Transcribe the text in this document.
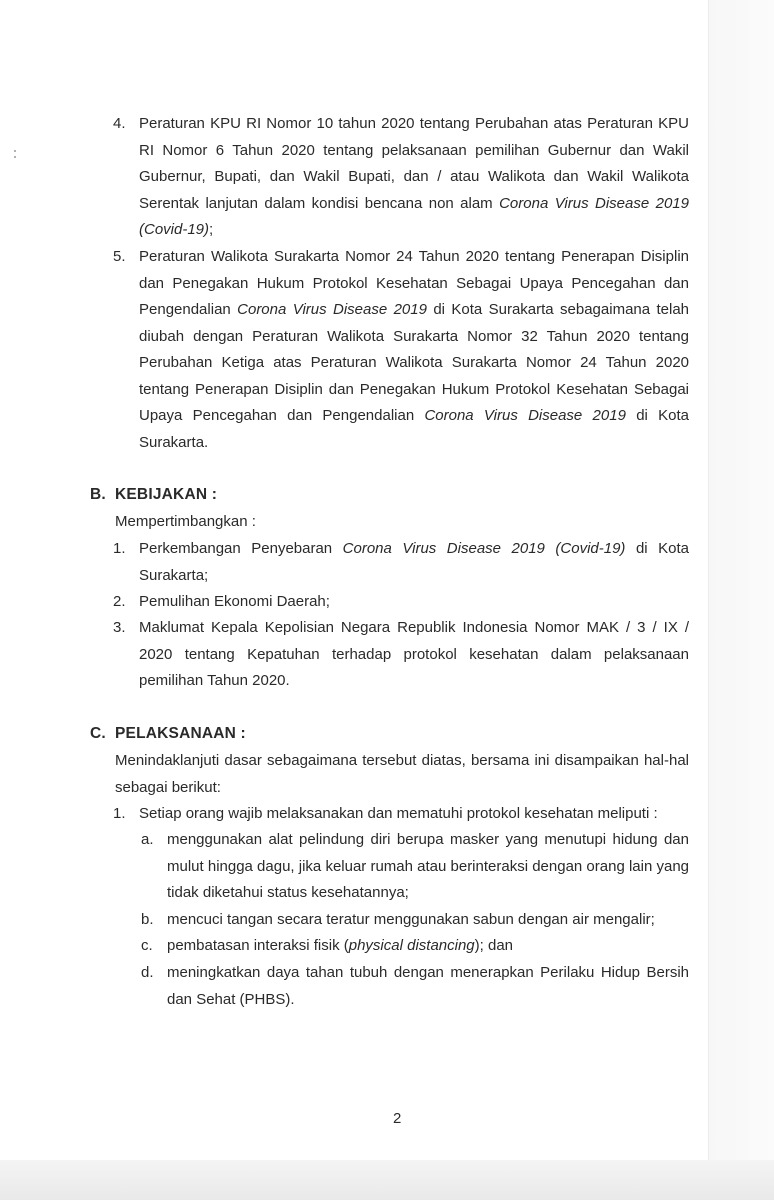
4. Peraturan KPU RI Nomor 10 tahun 2020 tentang Perubahan atas Peraturan KPU RI Nomor 6 Tahun 2020 tentang pelaksanaan pemilihan Gubernur dan Wakil Gubernur, Bupati, dan Wakil Bupati, dan / atau Walikota dan Wakil Walikota Serentak lanjutan dalam kondisi bencana non alam Corona Virus Disease 2019 (Covid-19);

5. Peraturan Walikota Surakarta Nomor 24 Tahun 2020 tentang Penerapan Disiplin dan Penegakan Hukum Protokol Kesehatan Sebagai Upaya Pencegahan dan Pengendalian Corona Virus Disease 2019 di Kota Surakarta sebagaimana telah diubah dengan Peraturan Walikota Surakarta Nomor 32 Tahun 2020 tentang Perubahan Ketiga atas Peraturan Walikota Surakarta Nomor 24 Tahun 2020 tentang Penerapan Disiplin dan Penegakan Hukum Protokol Kesehatan Sebagai Upaya Pencegahan dan Pengendalian Corona Virus Disease 2019 di Kota Surakarta.

B. KEBIJAKAN :

Mempertimbangkan :

1. Perkembangan Penyebaran Corona Virus Disease 2019 (Covid-19) di Kota Surakarta;

2. Pemulihan Ekonomi Daerah;

3. Maklumat Kepala Kepolisian Negara Republik Indonesia Nomor MAK / 3 / IX / 2020 tentang Kepatuhan terhadap protokol kesehatan dalam pelaksanaan pemilihan Tahun 2020.

C. PELAKSANAAN :

Menindaklanjuti dasar sebagaimana tersebut diatas, bersama ini disampaikan hal-hal sebagai berikut:

1. Setiap orang wajib melaksanakan dan mematuhi protokol kesehatan meliputi :

a. menggunakan alat pelindung diri berupa masker yang menutupi hidung dan mulut hingga dagu, jika keluar rumah atau berinteraksi dengan orang lain yang tidak diketahui status kesehatannya;

b. mencuci tangan secara teratur menggunakan sabun dengan air mengalir;

c. pembatasan interaksi fisik (physical distancing); dan

d. meningkatkan daya tahan tubuh dengan menerapkan Perilaku Hidup Bersih dan Sehat (PHBS).

2
